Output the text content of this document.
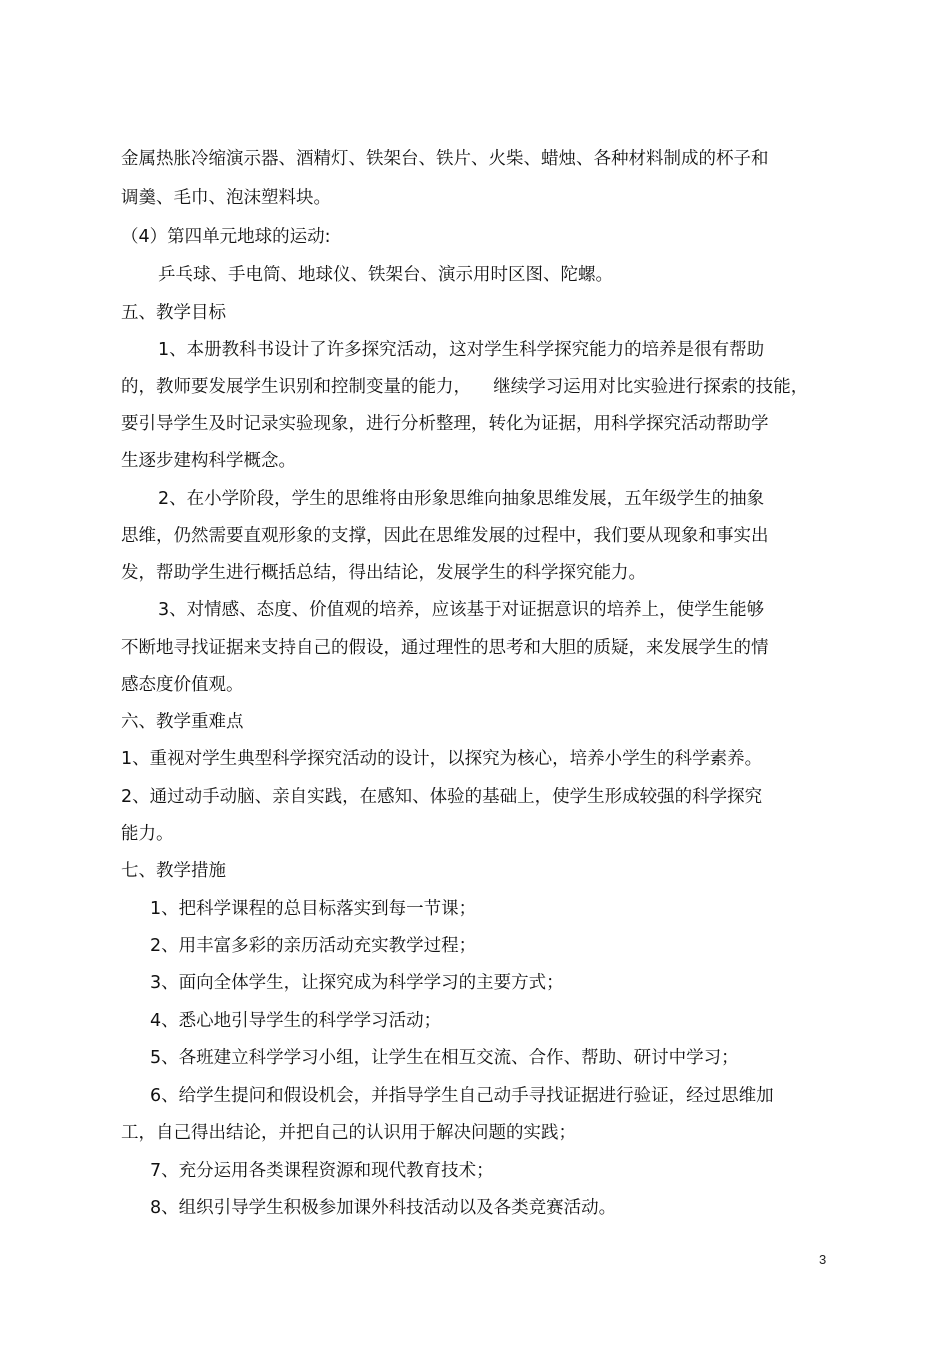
金属热胀冷缩演示器、酒精灯、铁架台、铁片、火柴、蜡烛、各种材料制成的杯子和
调羹、毛巾、泡沫塑料块。
（4）第四单元地球的运动:
乒乓球、手电筒、地球仪、铁架台、演示用时区图、陀螺。
五、教学目标
1、本册教科书设计了许多探究活动，这对学生科学探究能力的培养是很有帮助
的，教师要发展学生识别和控制变量的能力，    继续学习运用对比实验进行探索的技能，
要引导学生及时记录实验现象，进行分析整理，转化为证据，用科学探究活动帮助学
生逐步建构科学概念。
2、在小学阶段，学生的思维将由形象思维向抽象思维发展，五年级学生的抽象
思维，仍然需要直观形象的支撑，因此在思维发展的过程中，我们要从现象和事实出
发，帮助学生进行概括总结，得出结论，发展学生的科学探究能力。
3、对情感、态度、价值观的培养，应该基于对证据意识的培养上，使学生能够
不断地寻找证据来支持自己的假设，通过理性的思考和大胆的质疑，来发展学生的情
感态度价值观。
六、教学重难点
1、重视对学生典型科学探究活动的设计，以探究为核心，培养小学生的科学素养。
2、通过动手动脑、亲自实践，在感知、体验的基础上，使学生形成较强的科学探究
能力。
七、教学措施
1、把科学课程的总目标落实到每一节课；
2、用丰富多彩的亲历活动充实教学过程；
3、面向全体学生，让探究成为科学学习的主要方式；
4、悉心地引导学生的科学学习活动；
5、各班建立科学学习小组，让学生在相互交流、合作、帮助、研讨中学习；
6、给学生提问和假设机会，并指导学生自己动手寻找证据进行验证，经过思维加
工，自己得出结论，并把自己的认识用于解决问题的实践；
7、充分运用各类课程资源和现代教育技术；
8、组织引导学生积极参加课外科技活动以及各类竞赛活动。
3
